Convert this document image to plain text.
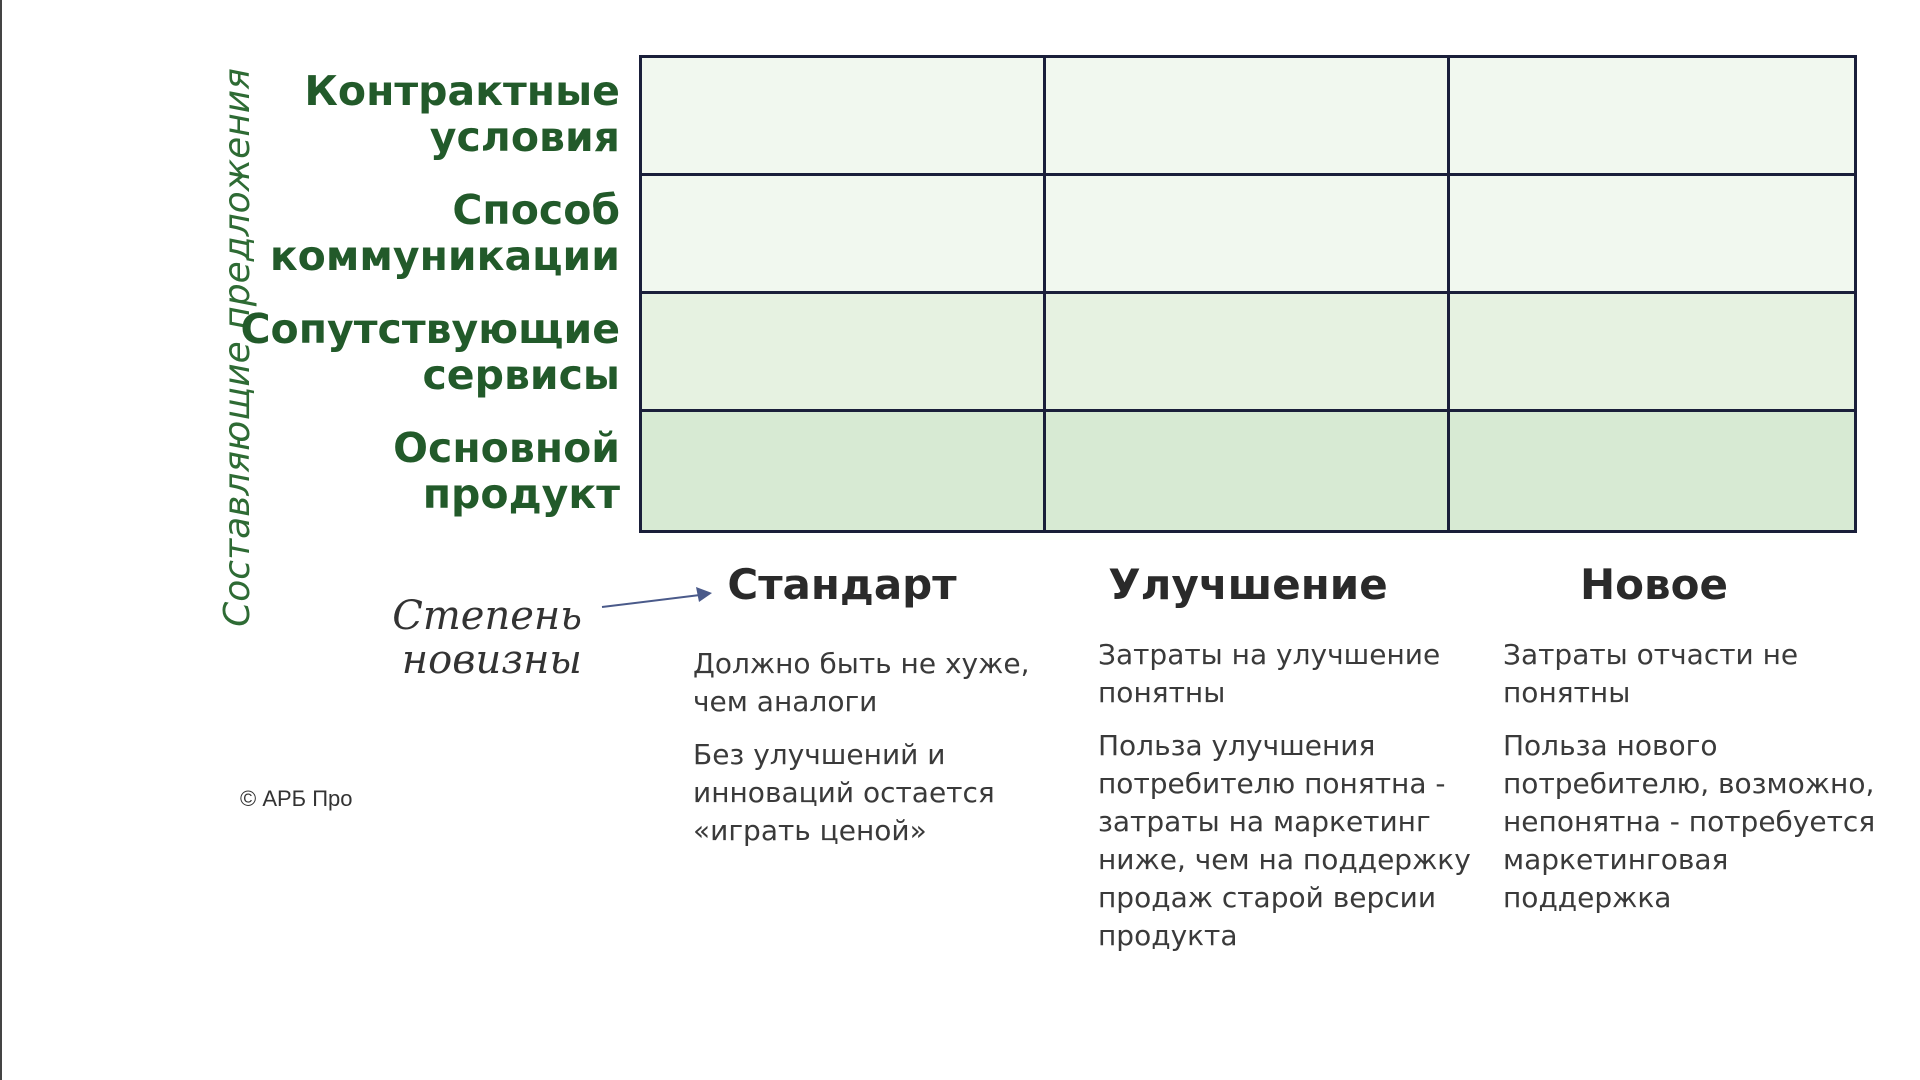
Составляющие предложения	Контрактные
условия
Способ
коммуникации
Сопутствующие
сервисы
Основной
продукт
Стандарт	Улучшение	Новое
Степень
новизны	Должно быть не хуже,
чем аналоги

Без улучшений и
инноваций остается
«играть ценой»

Затраты на улучшение
понятны

Польза улучшения
потребителю понятна -
затраты на маркетинг
ниже, чем на поддержку
продаж старой версии
продукта

Затраты отчасти не
понятны

Польза нового
потребителю, возможно,
непонятна - потребуется
маркетинговая
поддержка

© АРБ Про
